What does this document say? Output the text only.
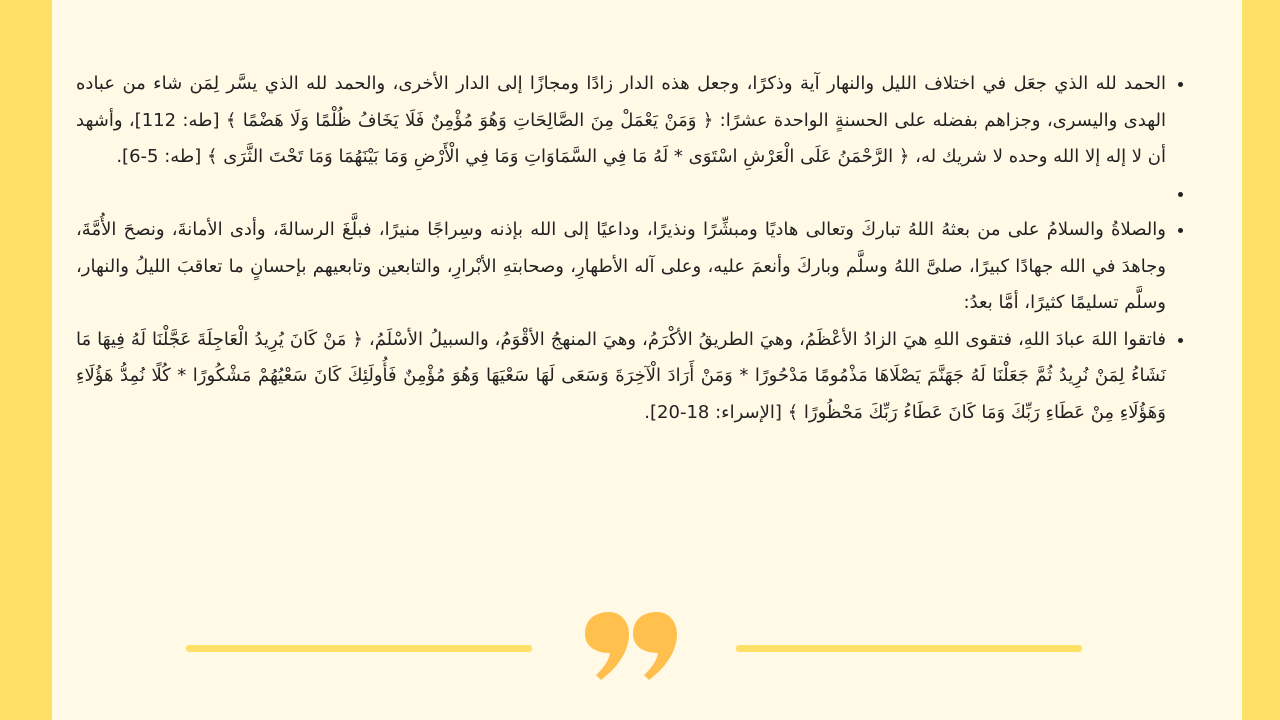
• الحمد لله الذي جعَل في اختلاف الليل والنهار آية وذكرًا، وجعل هذه الدار زادًا ومجازًا إلى الدار الأخرى، والحمد لله الذي يسَّر لِمَن شاء من عباده الهدى واليسرى، وجزاهم بفضله على الحسنةٍ الواحدة عشرًا: ﴿ وَمَنْ يَعْمَلْ مِنَ الصَّالِحَاتِ وَهُوَ مُؤْمِنٌ فَلَا يَخَافُ ظُلْمًا وَلَا هَضْمًا ﴾ [طه: 112]، وأشهد أن لا إله إلا الله وحده لا شريك له، ﴿ الرَّحْمَنُ عَلَى الْعَرْشِ اسْتَوَى * لَهُ مَا فِي السَّمَاوَاتِ وَمَا فِي الْأَرْضِ وَمَا بَيْنَهُمَا وَمَا تَحْتَ الثَّرَى ﴾ [طه: 5-6].
•
• والصلاةُ والسلامُ على من بعثهُ اللهُ تباركَ وتعالى هاديًا ومبشِّرًا ونذيرًا، وداعيًا إلى الله بإذنه وسِراجًا منيرًا، فبلَّغَ الرسالةَ، وأدى الأمانةَ، ونصحَ الأُمَّةَ، وجاهدَ في الله جهادًا كبيرًا، صلىَّ اللهُ وسلَّم وباركَ وأنعمَ عليه، وعلى آله الأطهارِ، وصحابتهِ الأبْرارِ، والتابعين وتابعيهم بإحسانٍ ما تعاقبَ الليلُ والنهار، وسلَّم تسليمًا كثيرًا، أمَّا بعدُ:
• فاتقوا اللهَ عبادَ اللهِ، فتقوى اللهِ هيَ الزادُ الأعْظَمُ، وهيَ الطريقُ الأكْرَمُ، وهيَ المنهجُ الأقْوَمُ، والسبيلُ الأسْلَمُ، ﴿ مَنْ كَانَ يُرِيدُ الْعَاجِلَةَ عَجَّلْنَا لَهُ فِيهَا مَا نَشَاءُ لِمَنْ نُرِيدُ ثُمَّ جَعَلْنَا لَهُ جَهَنَّمَ يَصْلَاهَا مَذْمُومًا مَدْحُورًا * وَمَنْ أَرَادَ الْآخِرَةَ وَسَعَى لَهَا سَعْيَهَا وَهُوَ مُؤْمِنٌ فَأُولَئِكَ كَانَ سَعْيُهُمْ مَشْكُورًا * كُلًا نُمِدُّ هَؤُلَاءِ وَهَؤُلَاءِ مِنْ عَطَاءِ رَبِّكَ وَمَا كَانَ عَطَاءُ رَبِّكَ مَحْظُورًا ﴾ [الإسراء: 18-20].
